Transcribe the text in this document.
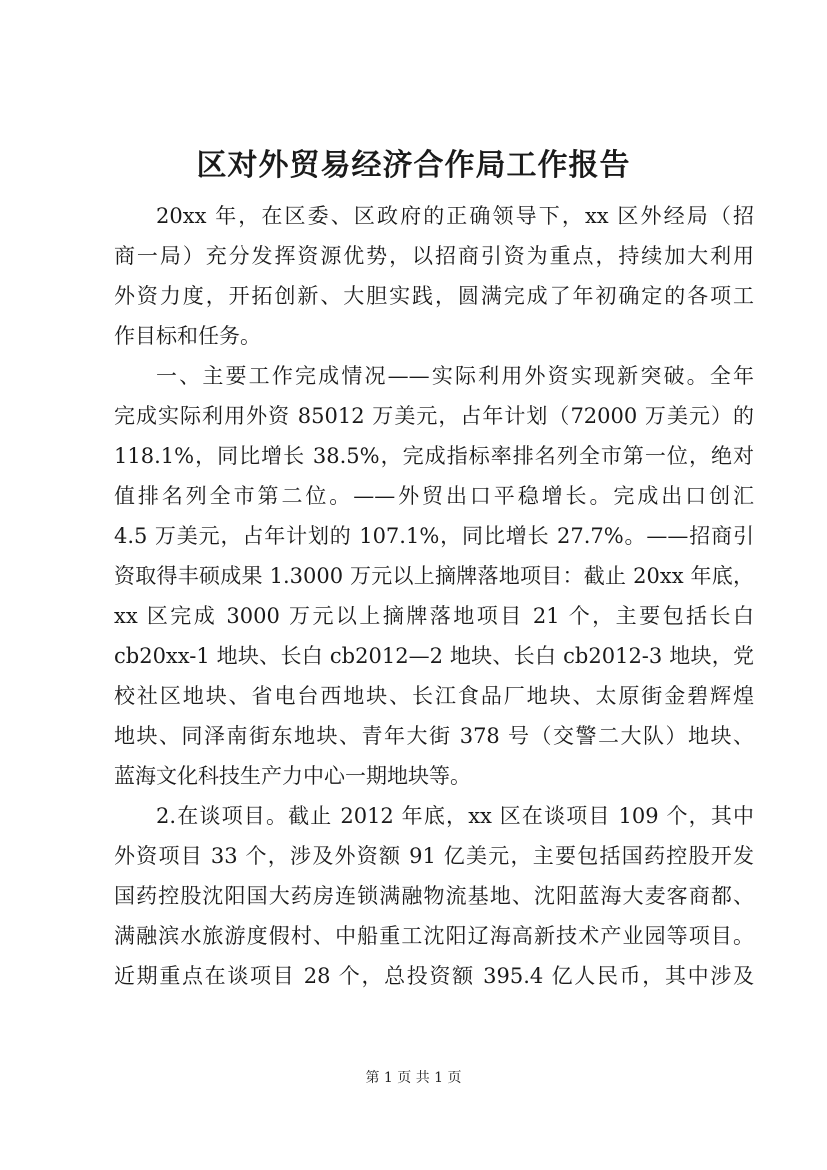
区对外贸易经济合作局工作报告
20xx 年，在区委、区政府的正确领导下，xx 区外经局（招
商一局）充分发挥资源优势，以招商引资为重点，持续加大利用
外资力度，开拓创新、大胆实践，圆满完成了年初确定的各项工
作目标和任务。
一、主要工作完成情况——实际利用外资实现新突破。全年
完成实际利用外资 85012 万美元，占年计划（72000 万美元）的
118.1%，同比增长 38.5%，完成指标率排名列全市第一位，绝对
值排名列全市第二位。——外贸出口平稳增长。完成出口创汇
4.5 万美元，占年计划的 107.1%，同比增长 27.7%。——招商引
资取得丰硕成果 1.3000 万元以上摘牌落地项目：截止 20xx 年底，
xx 区完成 3000 万元以上摘牌落地项目 21 个，主要包括长白
cb20xx-1 地块、长白 cb2012—2 地块、长白 cb2012-3 地块，党
校社区地块、省电台西地块、长江食品厂地块、太原街金碧辉煌
地块、同泽南街东地块、青年大街 378 号（交警二大队）地块、
蓝海文化科技生产力中心一期地块等。
2.在谈项目。截止 2012 年底，xx 区在谈项目 109 个，其中
外资项目 33 个，涉及外资额 91 亿美元，主要包括国药控股开发
国药控股沈阳国大药房连锁满融物流基地、沈阳蓝海大麦客商都、
满融滨水旅游度假村、中船重工沈阳辽海高新技术产业园等项目。
近期重点在谈项目 28 个，总投资额 395.4 亿人民币，其中涉及
第 1 页 共 1 页
